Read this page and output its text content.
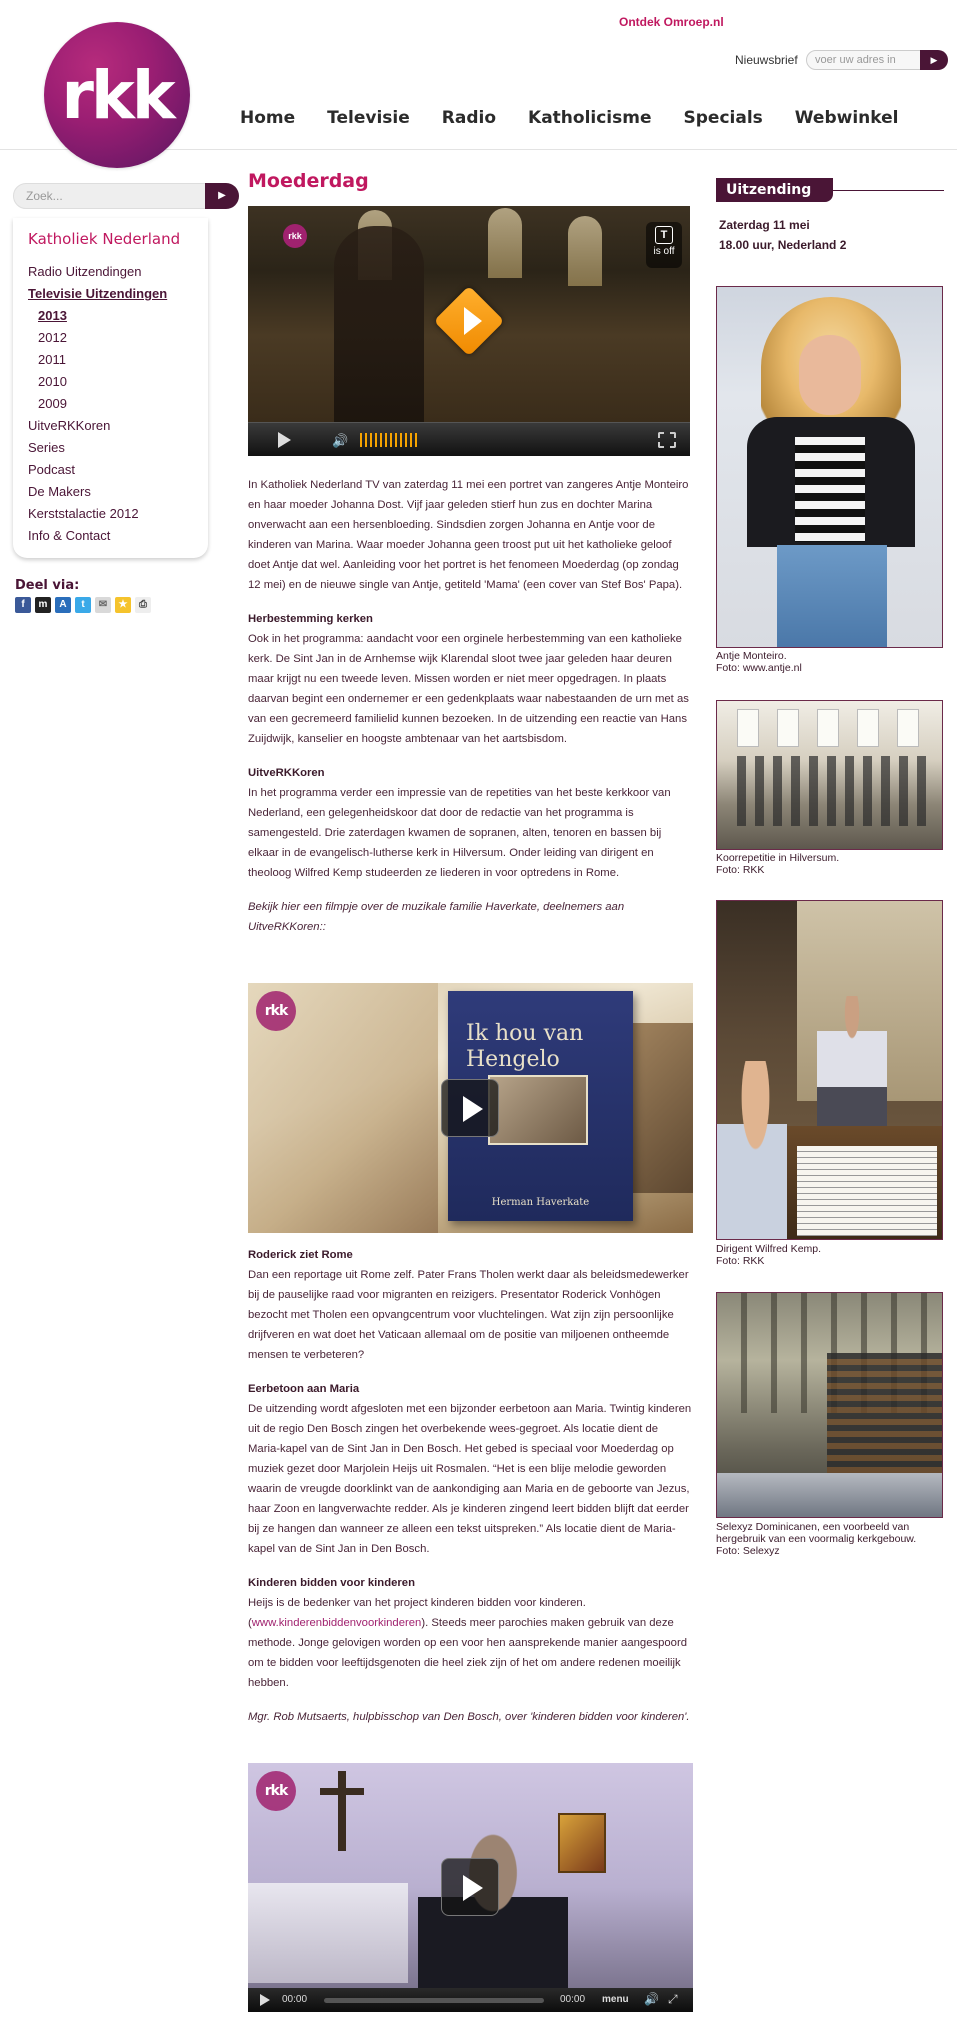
rkk
Ontdek Omroep.nl
Nieuwsbrief	voer uw adres in	▶
Home Televisie Radio Katholicisme Specials Webwinkel
Zoek...	▶
Katholiek Nederland
Radio Uitzendingen
Televisie Uitzendingen
2013
2012
2011
2010
2009
UitveRKKoren
Series
Podcast
De Makers
Kerststalactie 2012
Info & Contact
Deel via:
f	m	A	t	✉	★	⎙
Moederdag
rkk	T
is off
🔊

In Katholiek Nederland TV van zaterdag 11 mei een portret van zangeres Antje Monteiro en haar moeder Johanna Dost. Vijf jaar geleden stierf hun zus en dochter Marina onverwacht aan een hersenbloeding. Sindsdien zorgen Johanna en Antje voor de kinderen van Marina. Waar moeder Johanna geen troost put uit het katholieke geloof doet Antje dat wel. Aanleiding voor het portret is het fenomeen Moederdag (op zondag 12 mei) en de nieuwe single van Antje, getiteld 'Mama' (een cover van Stef Bos' Papa).

Herbestemming kerken
Ook in het programma: aandacht voor een orginele herbestemming van een katholieke kerk. De Sint Jan in de Arnhemse wijk Klarendal sloot twee jaar geleden haar deuren maar krijgt nu een tweede leven. Missen worden er niet meer opgedragen. In plaats daarvan begint een ondernemer er een gedenkplaats waar nabestaanden de urn met as van een gecremeerd familielid kunnen bezoeken. In de uitzending een reactie van Hans Zuijdwijk, kanselier en hoogste ambtenaar van het aartsbisdom.

UitveRKKoren
In het programma verder een impressie van de repetities van het beste kerkkoor van Nederland, een gelegenheidskoor dat door de redactie van het programma is samengesteld. Drie zaterdagen kwamen de sopranen, alten, tenoren en bassen bij elkaar in de evangelisch-lutherse kerk in Hilversum. Onder leiding van dirigent en theoloog Wilfred Kemp studeerden ze liederen in voor optredens in Rome.

Bekijk hier een filmpje over de muzikale familie Haverkate, deelnemers aan UitveRKKoren::

Ik hou van Hengelo
Herman Haverkate
rkk

Roderick ziet Rome
Dan een reportage uit Rome zelf. Pater Frans Tholen werkt daar als beleidsmedewerker bij de pauselijke raad voor migranten en reizigers. Presentator Roderick Vonhögen bezocht met Tholen een opvangcentrum voor vluchtelingen. Wat zijn zijn persoonlijke drijfveren en wat doet het Vaticaan allemaal om de positie van miljoenen ontheemde mensen te verbeteren?

Eerbetoon aan Maria
De uitzending wordt afgesloten met een bijzonder eerbetoon aan Maria. Twintig kinderen uit de regio Den Bosch zingen het overbekende wees-gegroet. Als locatie dient de Maria-kapel van de Sint Jan in Den Bosch. Het gebed is speciaal voor Moederdag op muziek gezet door Marjolein Heijs uit Rosmalen. “Het is een blije melodie geworden waarin de vreugde doorklinkt van de aankondiging aan Maria en de geboorte van Jezus, haar Zoon en langverwachte redder. Als je kinderen zingend leert bidden blijft dat eerder bij ze hangen dan wanneer ze alleen een tekst uitspreken.” Als locatie dient de Maria-kapel van de Sint Jan in Den Bosch.

Kinderen bidden voor kinderen
Heijs is de bedenker van het project kinderen bidden voor kinderen. (www.kinderenbiddenvoorkinderen). Steeds meer parochies maken gebruik van deze methode. Jonge gelovigen worden op een voor hen aansprekende manier aangespoord om te bidden voor leeftijdsgenoten die heel ziek zijn of het om andere redenen moeilijk hebben.

Mgr. Rob Mutsaerts, hulpbisschop van Den Bosch, over 'kinderen bidden voor kinderen'.

rkk
00:00	00:00 menu 🔊 ⤢
Uitzending
Zaterdag 11 mei
18.00 uur, Nederland 2
Antje Monteiro.
Foto: www.antje.nl
Koorrepetitie in Hilversum.
Foto: RKK
Dirigent Wilfred Kemp.
Foto: RKK
Selexyz Dominicanen, een voorbeeld van hergebruik van een voormalig kerkgebouw.
Foto: Selexyz
